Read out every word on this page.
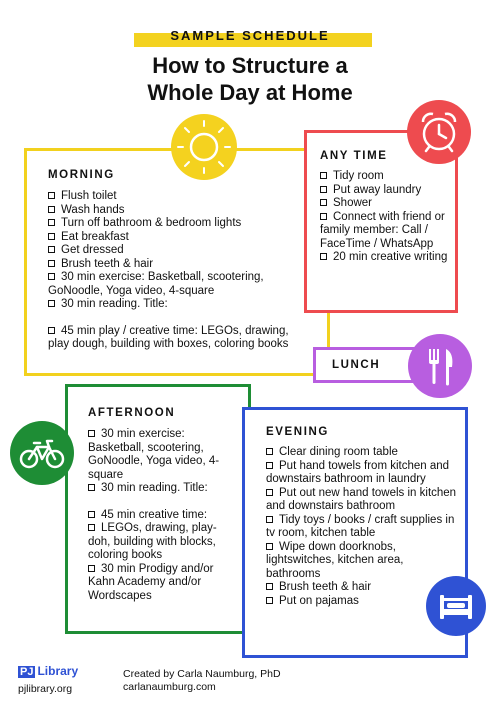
SAMPLE SCHEDULE
How to Structure a
Whole Day at Home
MORNING
Flush toilet
Wash hands
Turn off bathroom & bedroom lights
Eat breakfast
Get dressed
Brush teeth & hair
30 min exercise: Basketball, scootering, GoNoodle, Yoga video, 4-square
30 min reading. Title:
45 min play / creative time: LEGOs, drawing, play dough, building with boxes, coloring books
ANY TIME
Tidy room
Put away laundry
Shower
Connect with friend or family member: Call / FaceTime / WhatsApp
20 min creative writing
LUNCH
AFTERNOON
30 min exercise: Basketball, scootering, GoNoodle, Yoga video, 4-square
30 min reading. Title:
45 min creative time:
LEGOs, drawing, play-doh, building with blocks, coloring books
30 min Prodigy and/or Kahn Academy and/or Wordscapes
EVENING
Clear dining room table
Put hand towels from kitchen and downstairs bathroom in laundry
Put out new hand towels in kitchen and downstairs bathroom
Tidy toys / books / craft supplies in tv room, kitchen table
Wipe down doorknobs, lightswitches, kitchen area, bathrooms
Brush teeth & hair
Put on pajamas
PJ Library
pjlibrary.org
Created by Carla Naumburg, PhD
carlanaumburg.com
